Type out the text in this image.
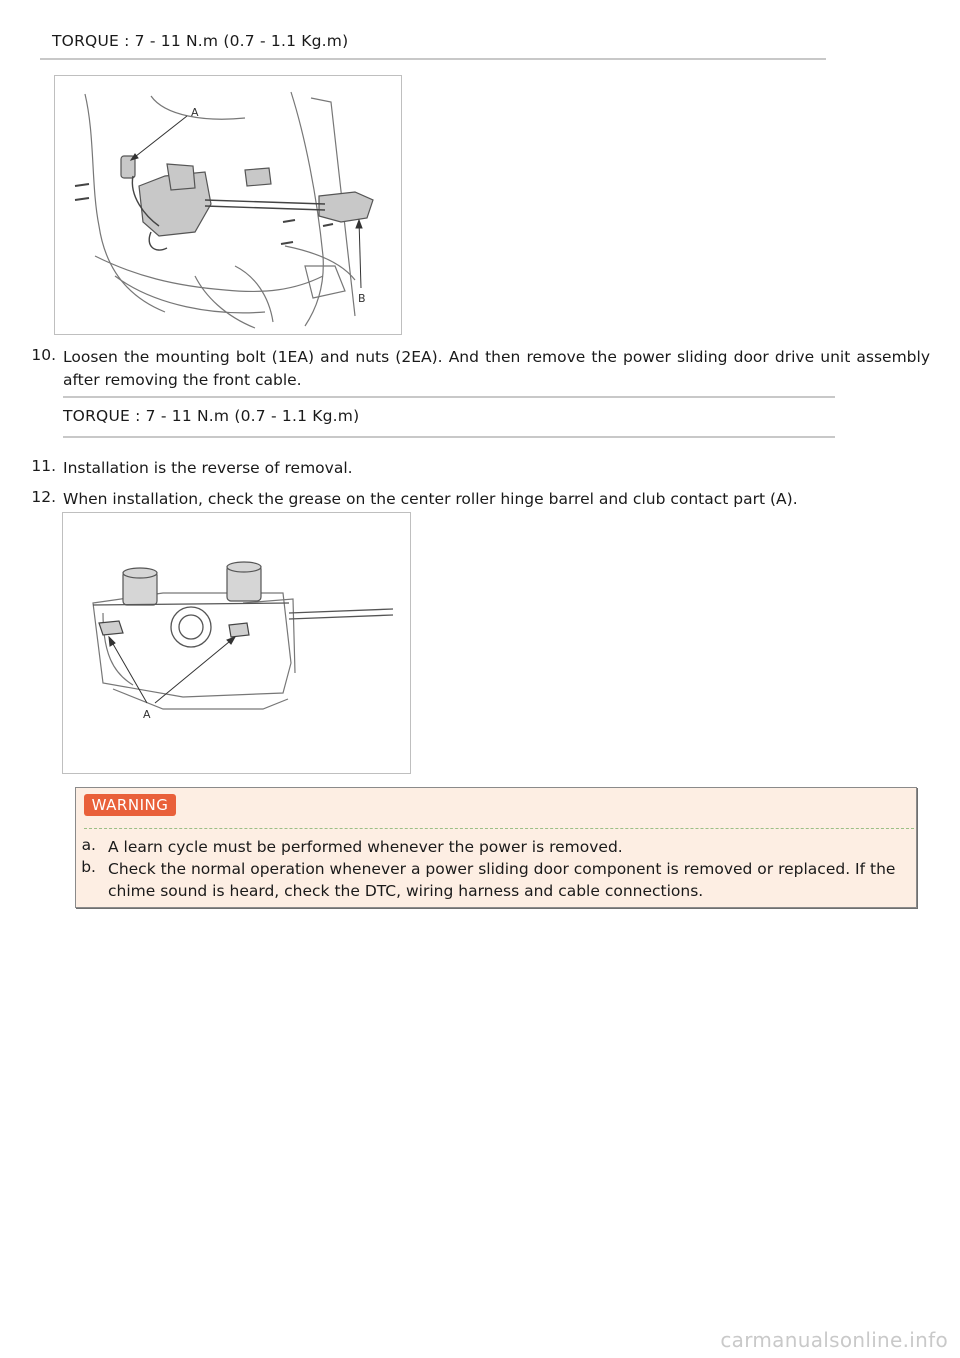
TORQUE : 7 - 11 N.m (0.7 - 1.1 Kg.m)
A
B
10. Loosen the mounting bolt (1EA) and nuts (2EA). And then remove the power sliding door drive unit assembly after removing the front cable.
TORQUE : 7 - 11 N.m (0.7 - 1.1 Kg.m)
11. Installation is the reverse of removal.
12. When installation, check the grease on the center roller hinge barrel and club contact part (A).
A
WARNING
a. A learn cycle must be performed whenever the power is removed.
b. Check the normal operation whenever a power sliding door component is removed or replaced. If the chime sound is heard, check the DTC, wiring harness and cable connections.
carmanualsonline.info
